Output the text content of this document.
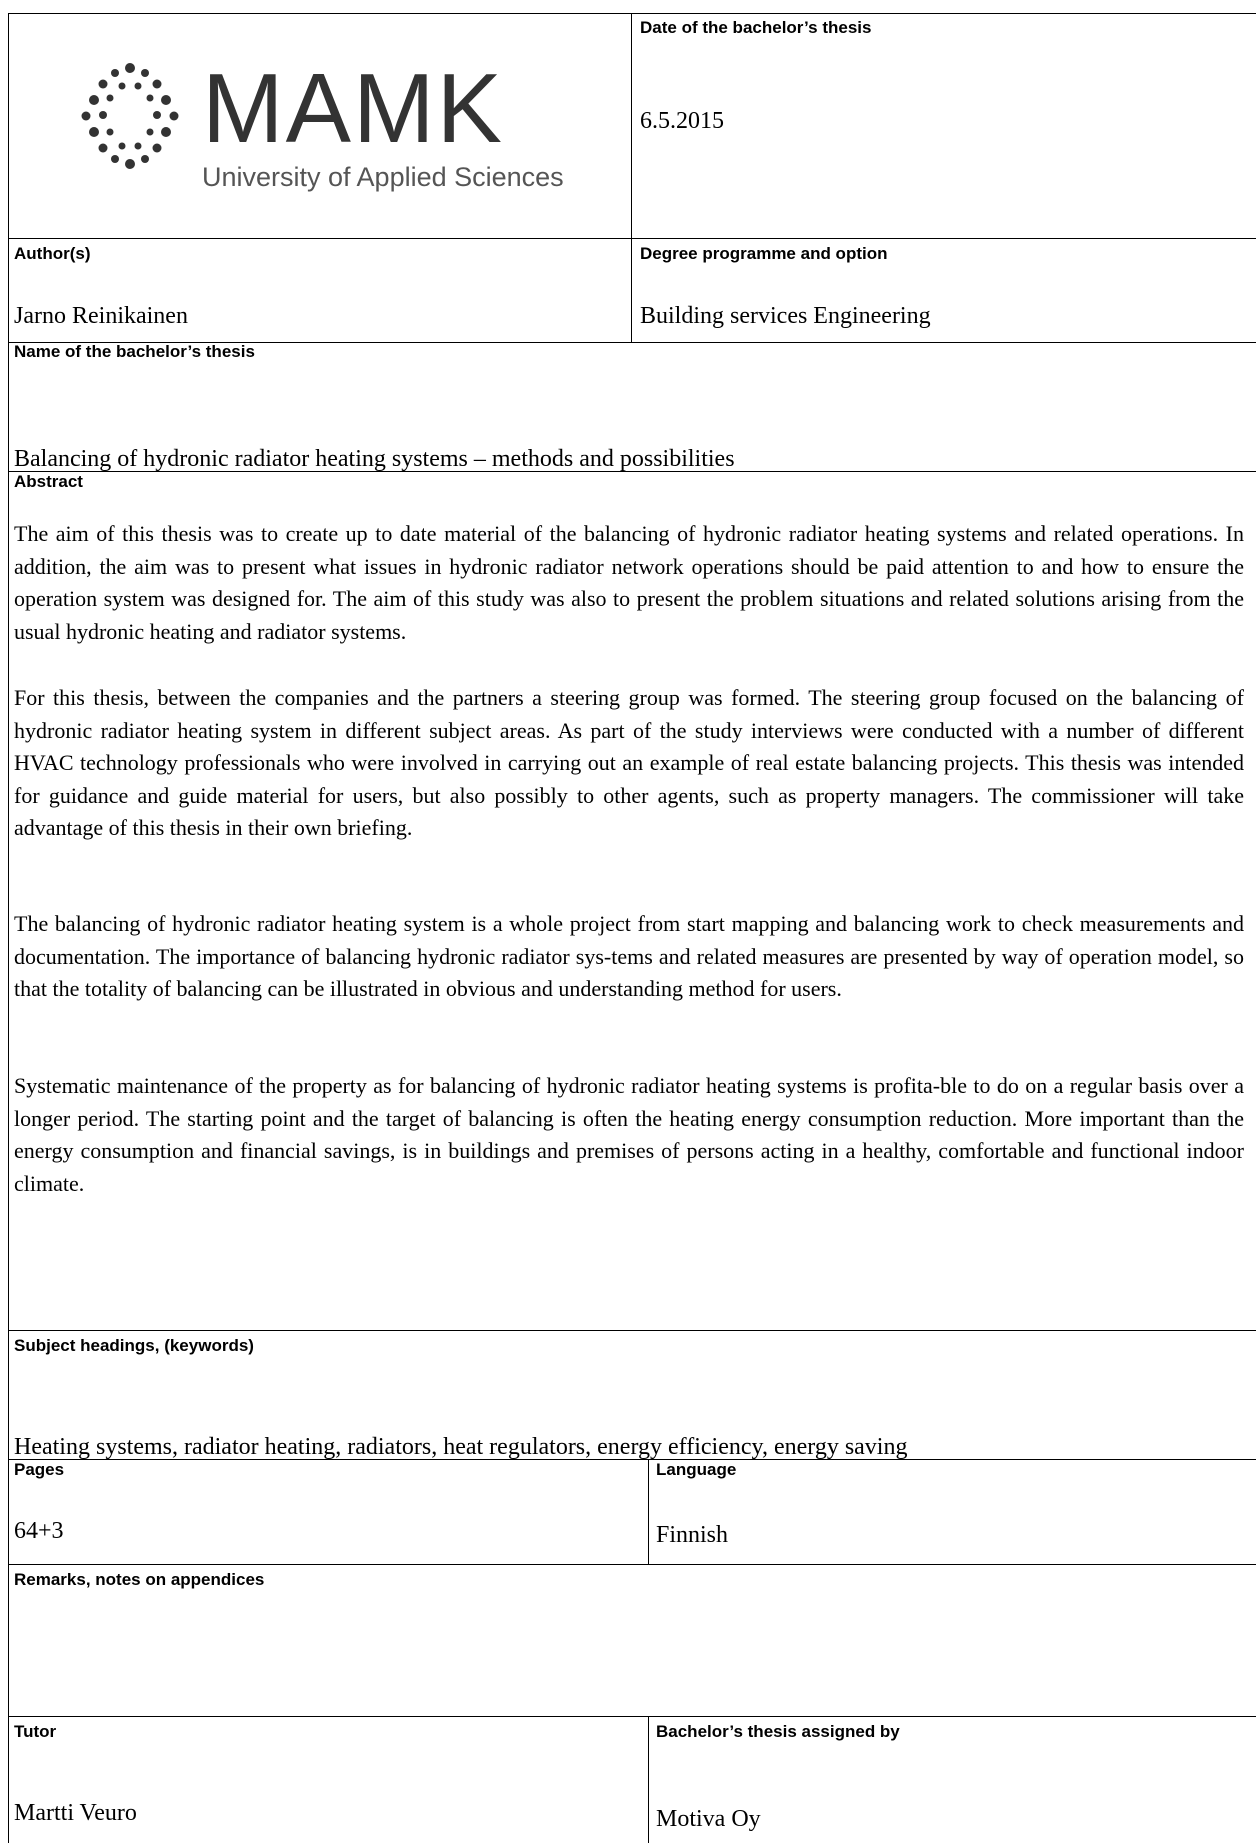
MAMK
University of Applied Sciences
Date of the bachelor’s thesis
6.5.2015
Author(s)
Jarno Reinikainen
Degree programme and option
Building services Engineering
Name of the bachelor’s thesis
Balancing of hydronic radiator heating systems – methods and possibilities
Abstract
The aim of this thesis was to create up to date material of the balancing of hydronic radiator heating systems and related operations. In addition, the aim was to present what issues in hydronic radiator network operations should be paid attention to and how to ensure the operation system was designed for. The aim of this study was also to present the problem situations and related solutions arising from the usual hydronic heating and radiator systems.
For this thesis, between the companies and the partners a steering group was formed. The steering group focused on the balancing of hydronic radiator heating system in different subject areas. As part of the study interviews were conducted with a number of different HVAC technology professionals who were involved in carrying out an example of real estate balancing projects. This thesis was intended for guidance and guide material for users, but also possibly to other agents, such as property managers. The commissioner will take advantage of this thesis in their own briefing.
The balancing of hydronic radiator heating system is a whole project from start mapping and balancing work to check measurements and documentation. The importance of balancing hydronic radiator sys-tems and related measures are presented by way of operation model, so that the totality of balancing can be illustrated in obvious and understanding method for users.
Systematic maintenance of the property as for balancing of hydronic radiator heating systems is profita-ble to do on a regular basis over a longer period. The starting point and the target of balancing is often the heating energy consumption reduction. More important than the energy consumption and financial savings, is in buildings and premises of persons acting in a healthy, comfortable and functional indoor climate.
Subject headings, (keywords)
Heating systems, radiator heating, radiators, heat regulators, energy efficiency, energy saving
Pages
64+3
Language
Finnish
Remarks, notes on appendices
Tutor
Martti Veuro
Bachelor’s thesis assigned by
Motiva Oy
